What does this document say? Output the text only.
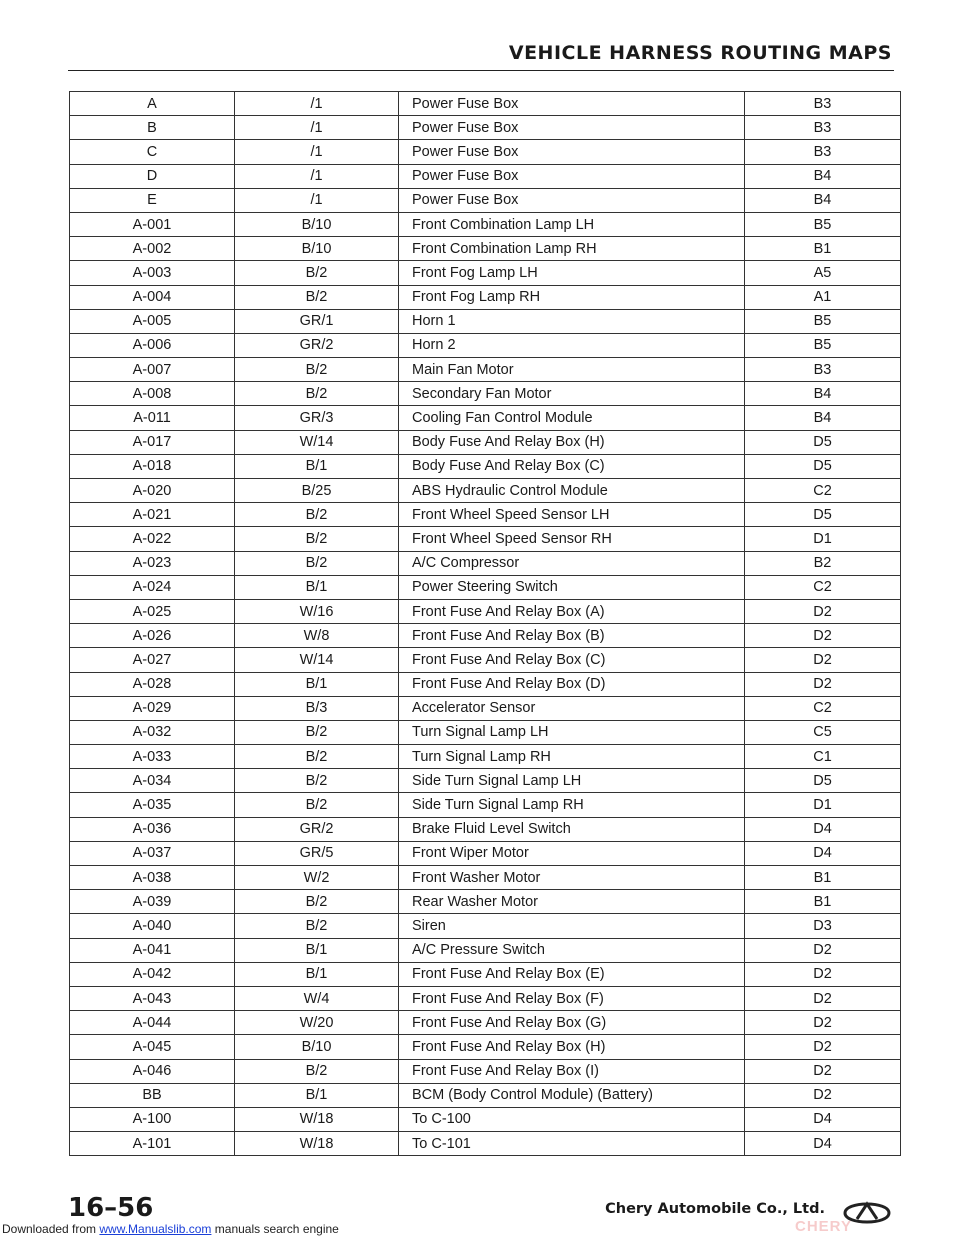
VEHICLE HARNESS ROUTING MAPS
A	/1	Power Fuse Box	B3
B	/1	Power Fuse Box	B3
C	/1	Power Fuse Box	B3
D	/1	Power Fuse Box	B4
E	/1	Power Fuse Box	B4
A-001	B/10	Front Combination Lamp LH	B5
A-002	B/10	Front Combination Lamp RH	B1
A-003	B/2	Front Fog Lamp LH	A5
A-004	B/2	Front Fog Lamp RH	A1
A-005	GR/1	Horn 1	B5
A-006	GR/2	Horn 2	B5
A-007	B/2	Main Fan Motor	B3
A-008	B/2	Secondary Fan Motor	B4
A-011	GR/3	Cooling Fan Control Module	B4
A-017	W/14	Body Fuse And Relay Box (H)	D5
A-018	B/1	Body Fuse And Relay Box (C)	D5
A-020	B/25	ABS Hydraulic Control Module	C2
A-021	B/2	Front Wheel Speed Sensor LH	D5
A-022	B/2	Front Wheel Speed Sensor RH	D1
A-023	B/2	A/C Compressor	B2
A-024	B/1	Power Steering Switch	C2
A-025	W/16	Front Fuse And Relay Box (A)	D2
A-026	W/8	Front Fuse And Relay Box (B)	D2
A-027	W/14	Front Fuse And Relay Box (C)	D2
A-028	B/1	Front Fuse And Relay Box (D)	D2
A-029	B/3	Accelerator Sensor	C2
A-032	B/2	Turn Signal Lamp LH	C5
A-033	B/2	Turn Signal Lamp RH	C1
A-034	B/2	Side Turn Signal Lamp LH	D5
A-035	B/2	Side Turn Signal Lamp RH	D1
A-036	GR/2	Brake Fluid Level Switch	D4
A-037	GR/5	Front Wiper Motor	D4
A-038	W/2	Front Washer Motor	B1
A-039	B/2	Rear Washer Motor	B1
A-040	B/2	Siren	D3
A-041	B/1	A/C Pressure Switch	D2
A-042	B/1	Front Fuse And Relay Box (E)	D2
A-043	W/4	Front Fuse And Relay Box (F)	D2
A-044	W/20	Front Fuse And Relay Box (G)	D2
A-045	B/10	Front Fuse And Relay Box (H)	D2
A-046	B/2	Front Fuse And Relay Box (I)	D2
BB	B/1	BCM (Body Control Module) (Battery)	D2
A-100	W/18	To C-100	D4
A-101	W/18	To C-101	D4
16–56	Chery Automobile Co., Ltd.
CHERY
Downloaded from www.Manualslib.com manuals search engine
